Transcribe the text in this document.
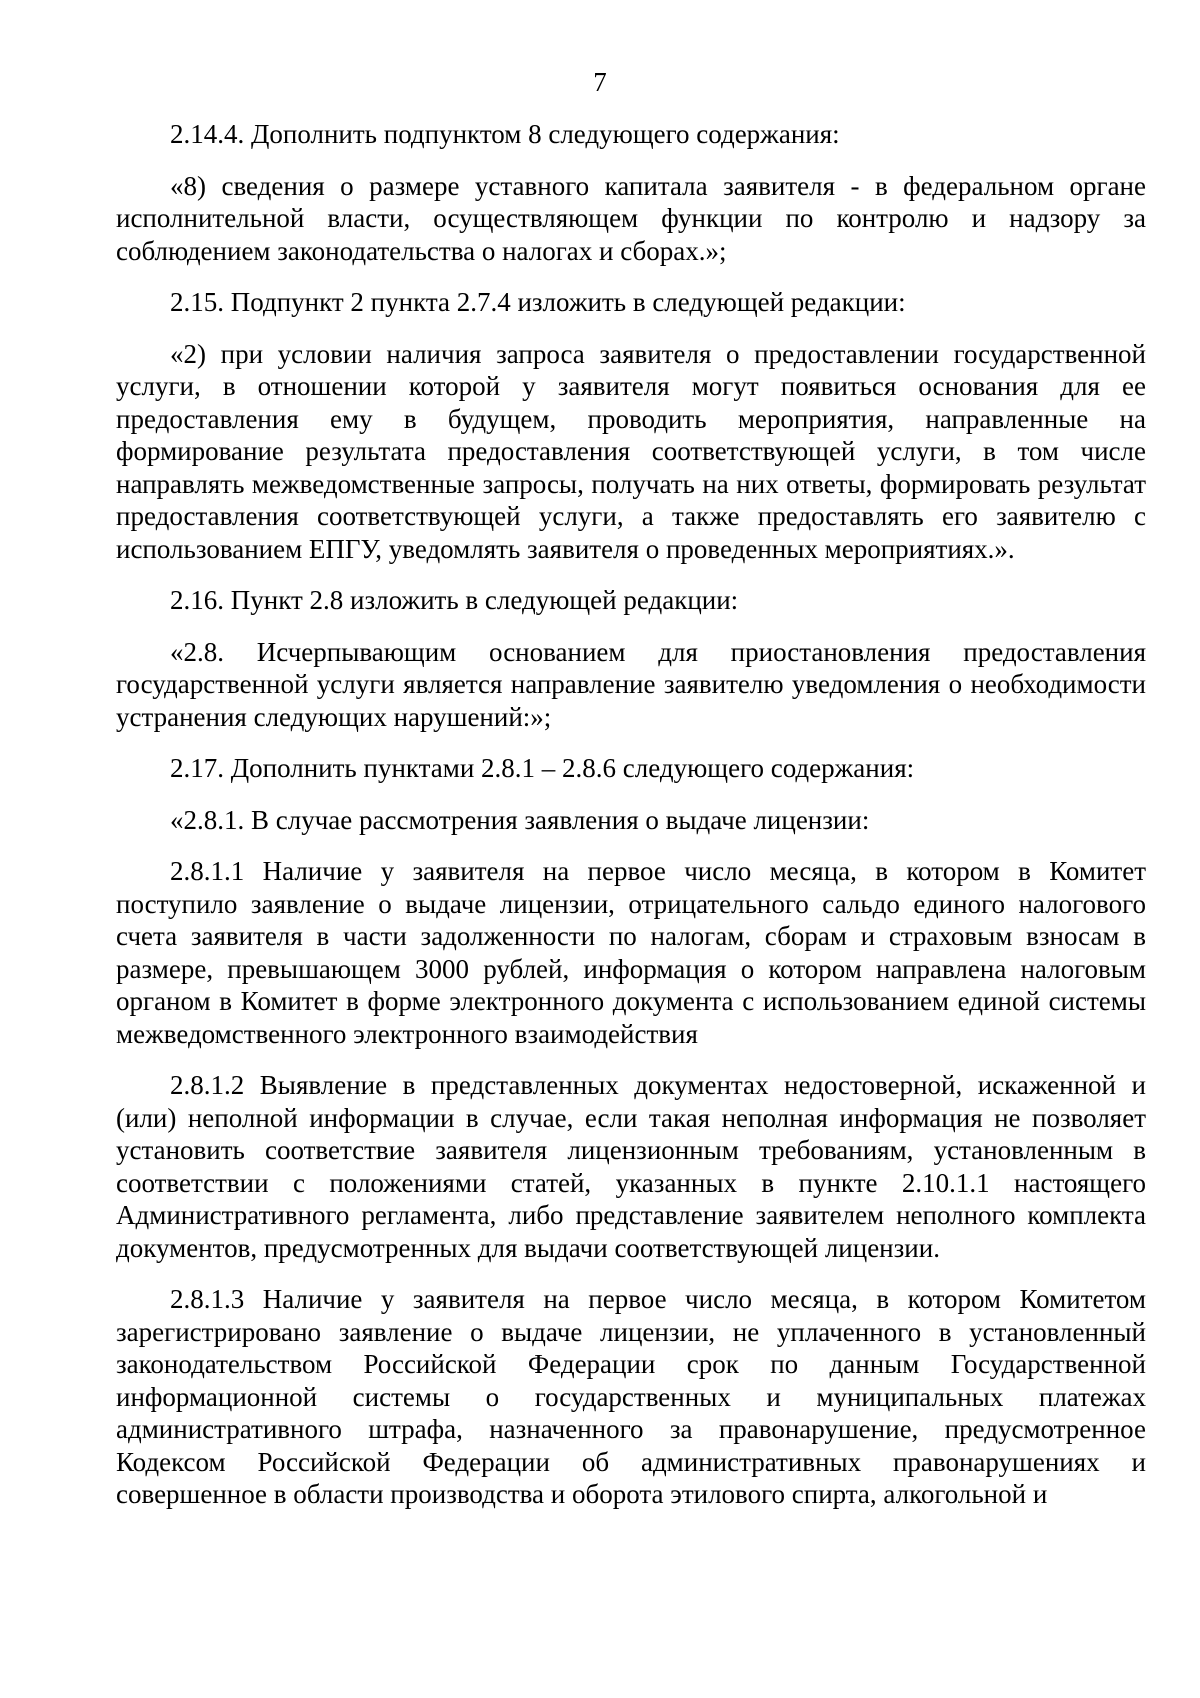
7

2.14.4. Дополнить подпунктом 8 следующего содержания:

«8) сведения о размере уставного капитала заявителя - в федеральном органе исполнительной власти, осуществляющем функции по контролю и надзору за соблюдением законодательства о налогах и сборах.»;

2.15. Подпункт 2 пункта 2.7.4 изложить в следующей редакции:

«2) при условии наличия запроса заявителя о предоставлении государственной услуги, в отношении которой у заявителя могут появиться основания для ее предоставления ему в будущем, проводить мероприятия, направленные на формирование результата предоставления соответствующей услуги, в том числе направлять межведомственные запросы, получать на них ответы, формировать результат предоставления соответствующей услуги, а также предоставлять его заявителю с использованием ЕПГУ, уведомлять заявителя о проведенных мероприятиях.».

2.16. Пункт 2.8 изложить в следующей редакции:

«2.8. Исчерпывающим основанием для приостановления предоставления государственной услуги является направление заявителю уведомления о необходимости устранения следующих нарушений:»;

2.17. Дополнить пунктами 2.8.1 – 2.8.6 следующего содержания:

«2.8.1. В случае рассмотрения заявления о выдаче лицензии:

2.8.1.1 Наличие у заявителя на первое число месяца, в котором в Комитет поступило заявление о выдаче лицензии, отрицательного сальдо единого налогового счета заявителя в части задолженности по налогам, сборам и страховым взносам в размере, превышающем 3000 рублей, информация о котором направлена налоговым органом в Комитет в форме электронного документа с использованием единой системы межведомственного электронного взаимодействия

2.8.1.2 Выявление в представленных документах недостоверной, искаженной и (или) неполной информации в случае, если такая неполная информация не позволяет установить соответствие заявителя лицензионным требованиям, установленным в соответствии с положениями статей, указанных в пункте 2.10.1.1 настоящего Административного регламента, либо представление заявителем неполного комплекта документов, предусмотренных для выдачи соответствующей лицензии.

2.8.1.3 Наличие у заявителя на первое число месяца, в котором Комитетом зарегистрировано заявление о выдаче лицензии, не уплаченного в установленный законодательством Российской Федерации срок по данным Государственной информационной системы о государственных и муниципальных платежах административного штрафа, назначенного за правонарушение, предусмотренное Кодексом Российской Федерации об административных правонарушениях и совершенное в области производства и оборота этилового спирта, алкогольной и
